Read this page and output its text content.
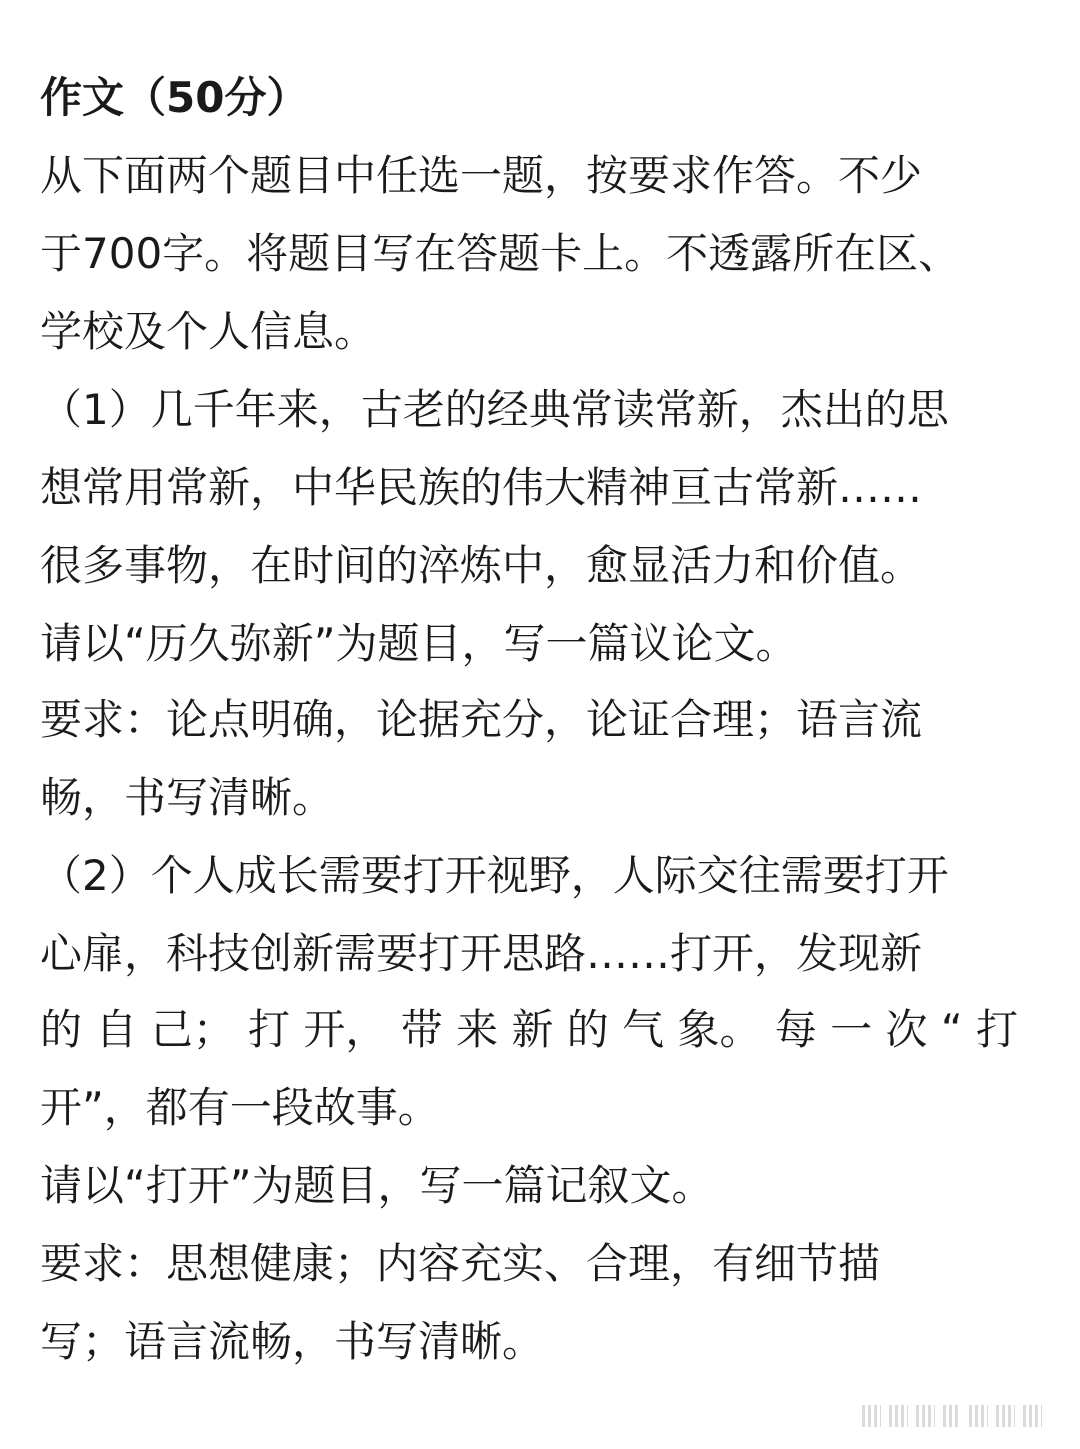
作文（50分）
从下面两个题目中任选一题，按要求作答。不少
于700字。将题目写在答题卡上。不透露所在区、
学校及个人信息。
（1）几千年来，古老的经典常读常新，杰出的思
想常用常新，中华民族的伟大精神亘古常新……
很多事物，在时间的淬炼中，愈显活力和价值。
请以“历久弥新”为题目，写一篇议论文。
要求：论点明确，论据充分，论证合理；语言流
畅，书写清晰。
（2）个人成长需要打开视野，人际交往需要打开
心扉，科技创新需要打开思路……打开，发现新
的 自 己； 打 开， 带 来 新 的 气 象。 每 一 次 “ 打
开”，都有一段故事。
请以“打开”为题目，写一篇记叙文。
要求：思想健康；内容充实、合理，有细节描
写；语言流畅，书写清晰。
